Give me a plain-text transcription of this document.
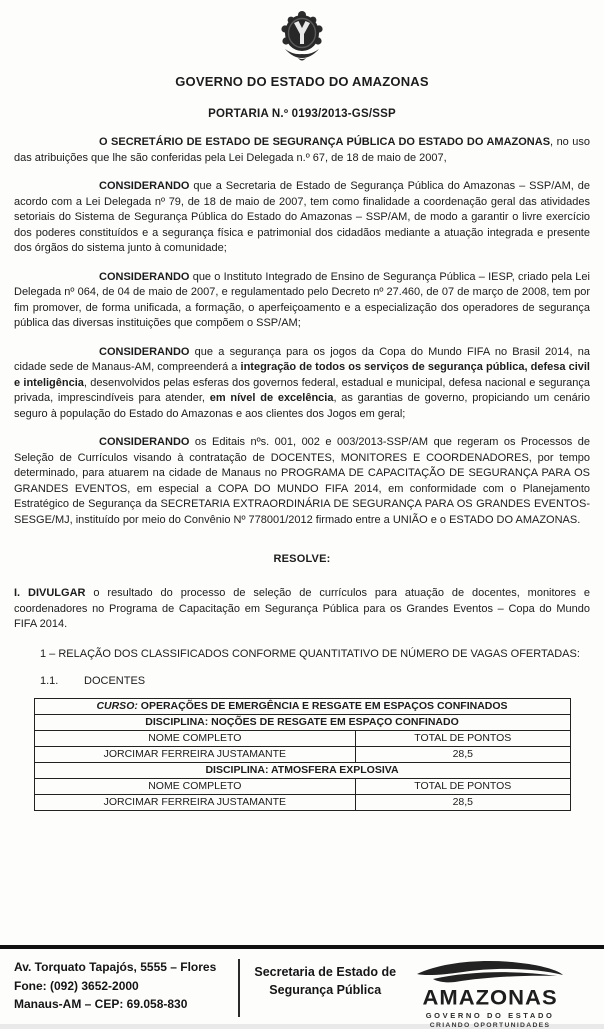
GOVERNO DO ESTADO DO AMAZONAS
PORTARIA N.º 0193/2013-GS/SSP

O SECRETÁRIO DE ESTADO DE SEGURANÇA PÚBLICA DO ESTADO DO AMAZONAS, no uso das atribuições que lhe são conferidas pela Lei Delegada n.º 67, de 18 de maio de 2007,

CONSIDERANDO que a Secretaria de Estado de Segurança Pública do Amazonas – SSP/AM, de acordo com a Lei Delegada nº 79, de 18 de maio de 2007, tem como finalidade a coordenação geral das atividades setoriais do Sistema de Segurança Pública do Estado do Amazonas – SSP/AM, de modo a garantir o livre exercício dos poderes constituídos e a segurança física e patrimonial dos cidadãos mediante a atuação integrada e presente dos órgãos do sistema junto à comunidade;

CONSIDERANDO que o Instituto Integrado de Ensino de Segurança Pública – IESP, criado pela Lei Delegada nº 064, de 04 de maio de 2007, e regulamentado pelo Decreto nº 27.460, de 07 de março de 2008, tem por fim promover, de forma unificada, a formação, o aperfeiçoamento e a especialização dos operadores de segurança pública das diversas instituições que compõem o SSP/AM;

CONSIDERANDO que a segurança para os jogos da Copa do Mundo FIFA no Brasil 2014, na cidade sede de Manaus-AM, compreenderá a integração de todos os serviços de segurança pública, defesa civil e inteligência, desenvolvidos pelas esferas dos governos federal, estadual e municipal, defesa nacional e segurança privada, imprescindíveis para atender, em nível de excelência, as garantias de governo, propiciando um cenário seguro à população do Estado do Amazonas e aos clientes dos Jogos em geral;

CONSIDERANDO os Editais nºs. 001, 002 e 003/2013-SSP/AM que regeram os Processos de Seleção de Currículos visando à contratação de DOCENTES, MONITORES E COORDENADORES, por tempo determinado, para atuarem na cidade de Manaus no PROGRAMA DE CAPACITAÇÃO DE SEGURANÇA PARA OS GRANDES EVENTOS, em especial a COPA DO MUNDO FIFA 2014, em conformidade com o Planejamento Estratégico de Segurança da SECRETARIA EXTRAORDINÁRIA DE SEGURANÇA PARA OS GRANDES EVENTOS-SESGE/MJ, instituído por meio do Convênio Nº 778001/2012 firmado entre a UNIÃO e o ESTADO DO AMAZONAS.

RESOLVE:

I. DIVULGAR o resultado do processo de seleção de currículos para atuação de docentes, monitores e coordenadores no Programa de Capacitação em Segurança Pública para os Grandes Eventos – Copa do Mundo FIFA 2014.

1 – RELAÇÃO DOS CLASSIFICADOS CONFORME QUANTITATIVO DE NÚMERO DE VAGAS OFERTADAS:

1.1. DOCENTES
CURSO: OPERAÇÕES DE EMERGÊNCIA E RESGATE EM ESPAÇOS CONFINADOS	
DISCIPLINA: NOÇÕES DE RESGATE EM ESPAÇO CONFINADO	
NOME COMPLETO	TOTAL DE PONTOS
JORCIMAR FERREIRA JUSTAMANTE	28,5
DISCIPLINA: ATMOSFERA EXPLOSIVA	
NOME COMPLETO	TOTAL DE PONTOS
JORCIMAR FERREIRA JUSTAMANTE	28,5
Av. Torquato Tapajós, 5555 – Flores
Fone: (092) 3652-2000
Manaus-AM – CEP: 69.058-830
Secretaria de Estado de
Segurança Pública	AMAZONAS
GOVERNO DO ESTADO
CRIANDO OPORTUNIDADES
